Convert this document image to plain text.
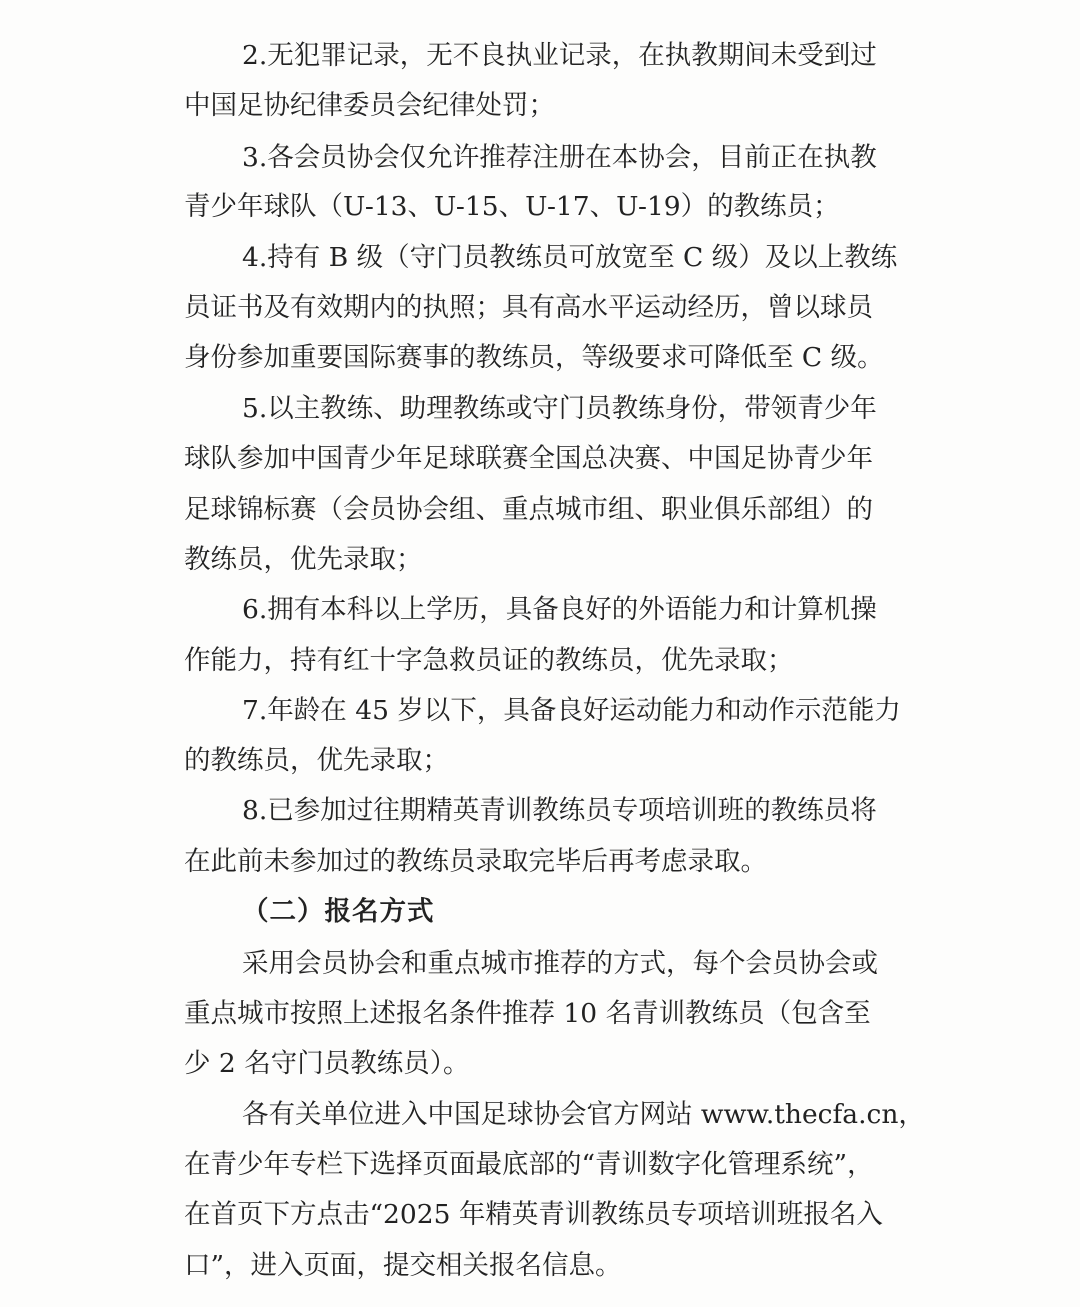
2.无犯罪记录，无不良执业记录，在执教期间未受到过
中国足协纪律委员会纪律处罚；
3.各会员协会仅允许推荐注册在本协会，目前正在执教
青少年球队（U-13、U-15、U-17、U-19）的教练员；
4.持有 B 级（守门员教练员可放宽至 C 级）及以上教练
员证书及有效期内的执照；具有高水平运动经历，曾以球员
身份参加重要国际赛事的教练员，等级要求可降低至 C 级。
5.以主教练、助理教练或守门员教练身份，带领青少年
球队参加中国青少年足球联赛全国总决赛、中国足协青少年
足球锦标赛（会员协会组、重点城市组、职业俱乐部组）的
教练员，优先录取；
6.拥有本科以上学历，具备良好的外语能力和计算机操
作能力，持有红十字急救员证的教练员，优先录取；
7.年龄在 45 岁以下，具备良好运动能力和动作示范能力
的教练员，优先录取；
8.已参加过往期精英青训教练员专项培训班的教练员将
在此前未参加过的教练员录取完毕后再考虑录取。
（二）报名方式
采用会员协会和重点城市推荐的方式，每个会员协会或
重点城市按照上述报名条件推荐 10 名青训教练员（包含至
少 2 名守门员教练员）。
各有关单位进入中国足球协会官方网站 www.thecfa.cn，
在青少年专栏下选择页面最底部的“青训数字化管理系统”，
在首页下方点击“2025 年精英青训教练员专项培训班报名入
口”，进入页面，提交相关报名信息。
